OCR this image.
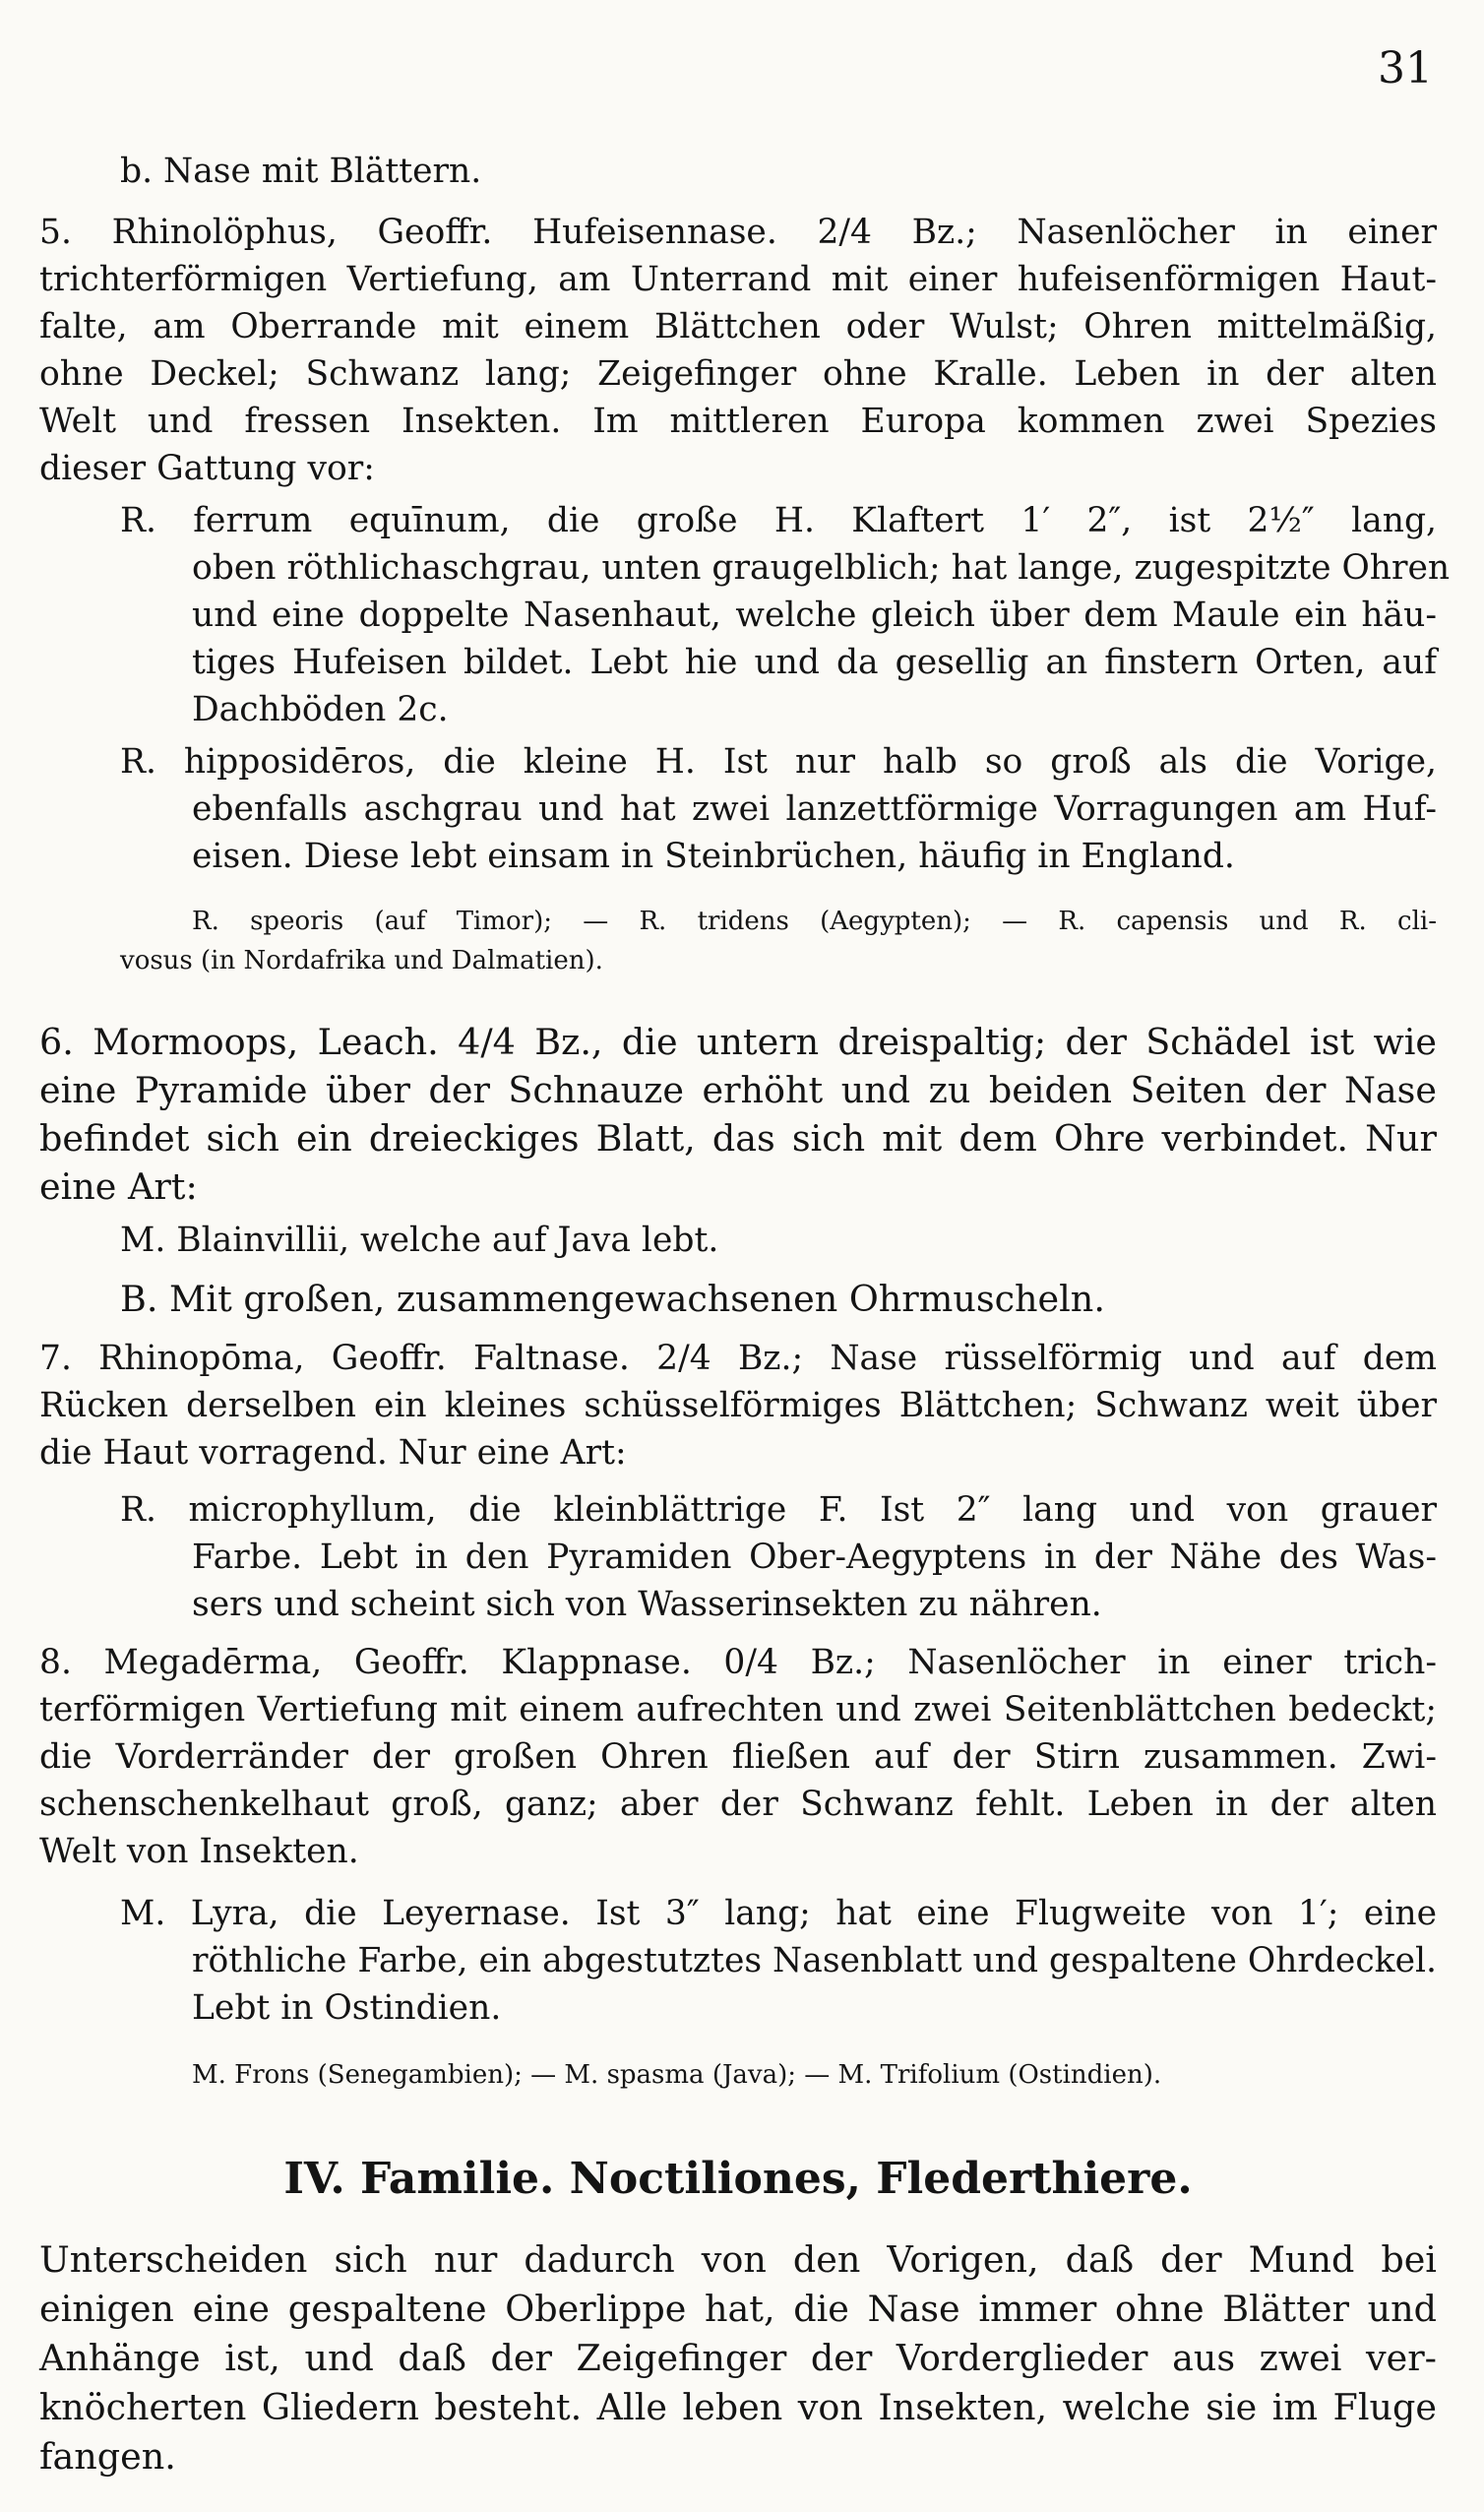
31
b. Nase mit Blättern.
5. Rhinolöphus, Geoffr. Hufeisennase. 2/4 Bz.; Nasenlöcher in einer
trichterförmigen Vertiefung, am Unterrand mit einer hufeisenförmigen Haut-
falte, am Oberrande mit einem Blättchen oder Wulst; Ohren mittelmäßig,
ohne Deckel; Schwanz lang; Zeigefinger ohne Kralle. Leben in der alten
Welt und fressen Insekten. Im mittleren Europa kommen zwei Spezies
dieser Gattung vor:
R. ferrum equīnum, die große H. Klaftert 1′ 2″, ist 2½″ lang,
oben röthlichaschgrau, unten graugelblich; hat lange, zugespitzte Ohren
und eine doppelte Nasenhaut, welche gleich über dem Maule ein häu-
tiges Hufeisen bildet. Lebt hie und da gesellig an finstern Orten, auf
Dachböden 2c.
R. hipposidēros, die kleine H. Ist nur halb so groß als die Vorige,
ebenfalls aschgrau und hat zwei lanzettförmige Vorragungen am Huf-
eisen. Diese lebt einsam in Steinbrüchen, häufig in England.
R. speoris (auf Timor); — R. tridens (Aegypten); — R. capensis und R. cli-
vosus (in Nordafrika und Dalmatien).
6. Mormoops, Leach. 4/4 Bz., die untern dreispaltig; der Schädel ist wie
eine Pyramide über der Schnauze erhöht und zu beiden Seiten der Nase
befindet sich ein dreieckiges Blatt, das sich mit dem Ohre verbindet. Nur
eine Art:
M. Blainvillii, welche auf Java lebt.
B. Mit großen, zusammengewachsenen Ohrmuscheln.
7. Rhinopōma, Geoffr. Faltnase. 2/4 Bz.; Nase rüsselförmig und auf dem
Rücken derselben ein kleines schüsselförmiges Blättchen; Schwanz weit über
die Haut vorragend. Nur eine Art:
R. microphyllum, die kleinblättrige F. Ist 2″ lang und von grauer
Farbe. Lebt in den Pyramiden Ober-Aegyptens in der Nähe des Was-
sers und scheint sich von Wasserinsekten zu nähren.
8. Megadērma, Geoffr. Klappnase. 0/4 Bz.; Nasenlöcher in einer trich-
terförmigen Vertiefung mit einem aufrechten und zwei Seitenblättchen bedeckt;
die Vorderränder der großen Ohren fließen auf der Stirn zusammen. Zwi-
schenschenkelhaut groß, ganz; aber der Schwanz fehlt. Leben in der alten
Welt von Insekten.
M. Lyra, die Leyernase. Ist 3″ lang; hat eine Flugweite von 1′; eine
röthliche Farbe, ein abgestutztes Nasenblatt und gespaltene Ohrdeckel.
Lebt in Ostindien.
M. Frons (Senegambien); — M. spasma (Java); — M. Trifolium (Ostindien).
IV. Familie. Noctiliones, Flederthiere.
Unterscheiden sich nur dadurch von den Vorigen, daß der Mund bei
einigen eine gespaltene Oberlippe hat, die Nase immer ohne Blätter und
Anhänge ist, und daß der Zeigefinger der Vorderglieder aus zwei ver-
knöcherten Gliedern besteht. Alle leben von Insekten, welche sie im Fluge
fangen.
